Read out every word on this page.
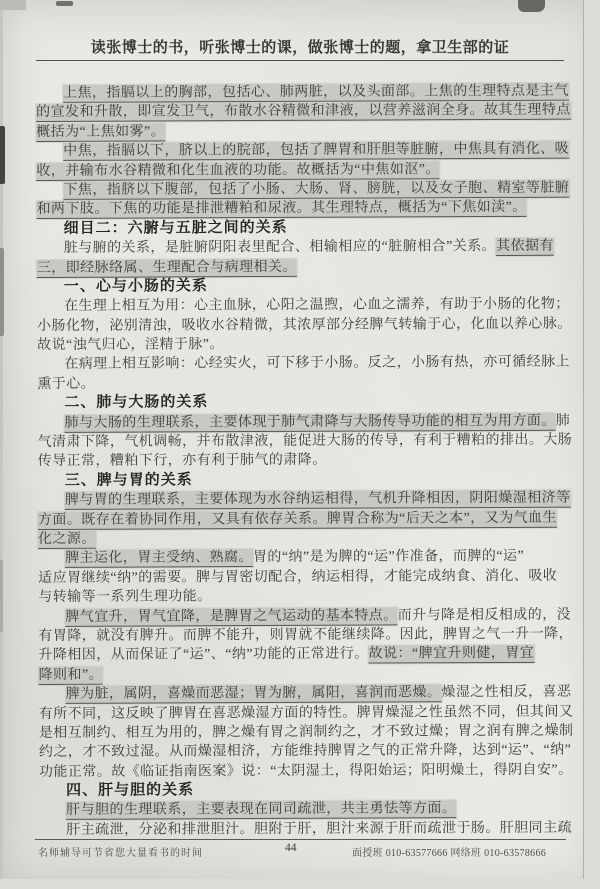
读张博士的书，听张博士的课，做张博士的题，拿卫生部的证
上焦，指膈以上的胸部，包括心、肺两脏，以及头面部。上焦的生理特点是主气
的宣发和升散，即宣发卫气，布散水谷精微和津液，以营养滋润全身。故其生理特点
概括为“上焦如雾”。
中焦，指膈以下，脐以上的脘部，包括了脾胃和肝胆等脏腑，中焦具有消化、吸
收，并输布水谷精微和化生血液的功能。故概括为“中焦如沤”。
下焦，指脐以下腹部，包括了小肠、大肠、肾、膀胱，以及女子胞、精室等脏腑
和两下肢。下焦的功能是排泄糟粕和尿液。其生理特点，概括为“下焦如渎”。
细目二：六腑与五脏之间的关系
脏与腑的关系，是脏腑阴阳表里配合、相输相应的“脏腑相合”关系。其依据有
三，即经脉络属、生理配合与病理相关。
一、心与小肠的关系
在生理上相互为用：心主血脉，心阳之温煦，心血之濡养，有助于小肠的化物；
小肠化物，泌别清浊，吸收水谷精微，其浓厚部分经脾气转输于心，化血以养心脉。
故说“浊气归心，淫精于脉”。
在病理上相互影响：心经实火，可下移于小肠。反之，小肠有热，亦可循经脉上
熏于心。
二、肺与大肠的关系
肺与大肠的生理联系，主要体现于肺气肃降与大肠传导功能的相互为用方面。肺
气清肃下降，气机调畅，并布散津液，能促进大肠的传导，有利于糟粕的排出。大肠
传导正常，糟粕下行，亦有利于肺气的肃降。
三、脾与胃的关系
脾与胃的生理联系，主要体现为水谷纳运相得，气机升降相因，阴阳燥湿相济等
方面。既存在着协同作用，又具有依存关系。脾胃合称为“后天之本”，又为气血生
化之源。
脾主运化，胃主受纳、熟腐。胃的“纳”是为脾的“运”作准备，而脾的“运”
适应胃继续“纳”的需要。脾与胃密切配合，纳运相得，才能完成纳食、消化、吸收
与转输等一系列生理功能。
脾气宜升，胃气宜降，是脾胃之气运动的基本特点。而升与降是相反相成的，没
有胃降，就没有脾升。而脾不能升，则胃就不能继续降。因此，脾胃之气一升一降，
升降相因，从而保证了“运”、“纳”功能的正常进行。故说：“脾宜升则健，胃宜
降则和”。
脾为脏，属阴，喜燥而恶湿；胃为腑，属阳，喜润而恶燥。燥湿之性相反，喜恶
有所不同，这反映了脾胃在喜恶燥湿方面的特性。脾胃燥湿之性虽然不同，但其间又
是相互制约、相互为用的，脾之燥有胃之润制约之，才不致过燥；胃之润有脾之燥制
约之，才不致过湿。从而燥湿相济，方能维持脾胃之气的正常升降，达到“运”、“纳”
功能正常。故《临证指南医案》说：“太阴湿土，得阳始运；阳明燥土，得阴自安”。
四、肝与胆的关系
肝与胆的生理联系，主要表现在同司疏泄，共主勇怯等方面。
肝主疏泄，分泌和排泄胆汁。胆附于肝，胆汁来源于肝而疏泄于肠。肝胆同主疏
名师辅导可节省您大量看书的时间	44	面授班 010-63577666 网络班 010-63578666
